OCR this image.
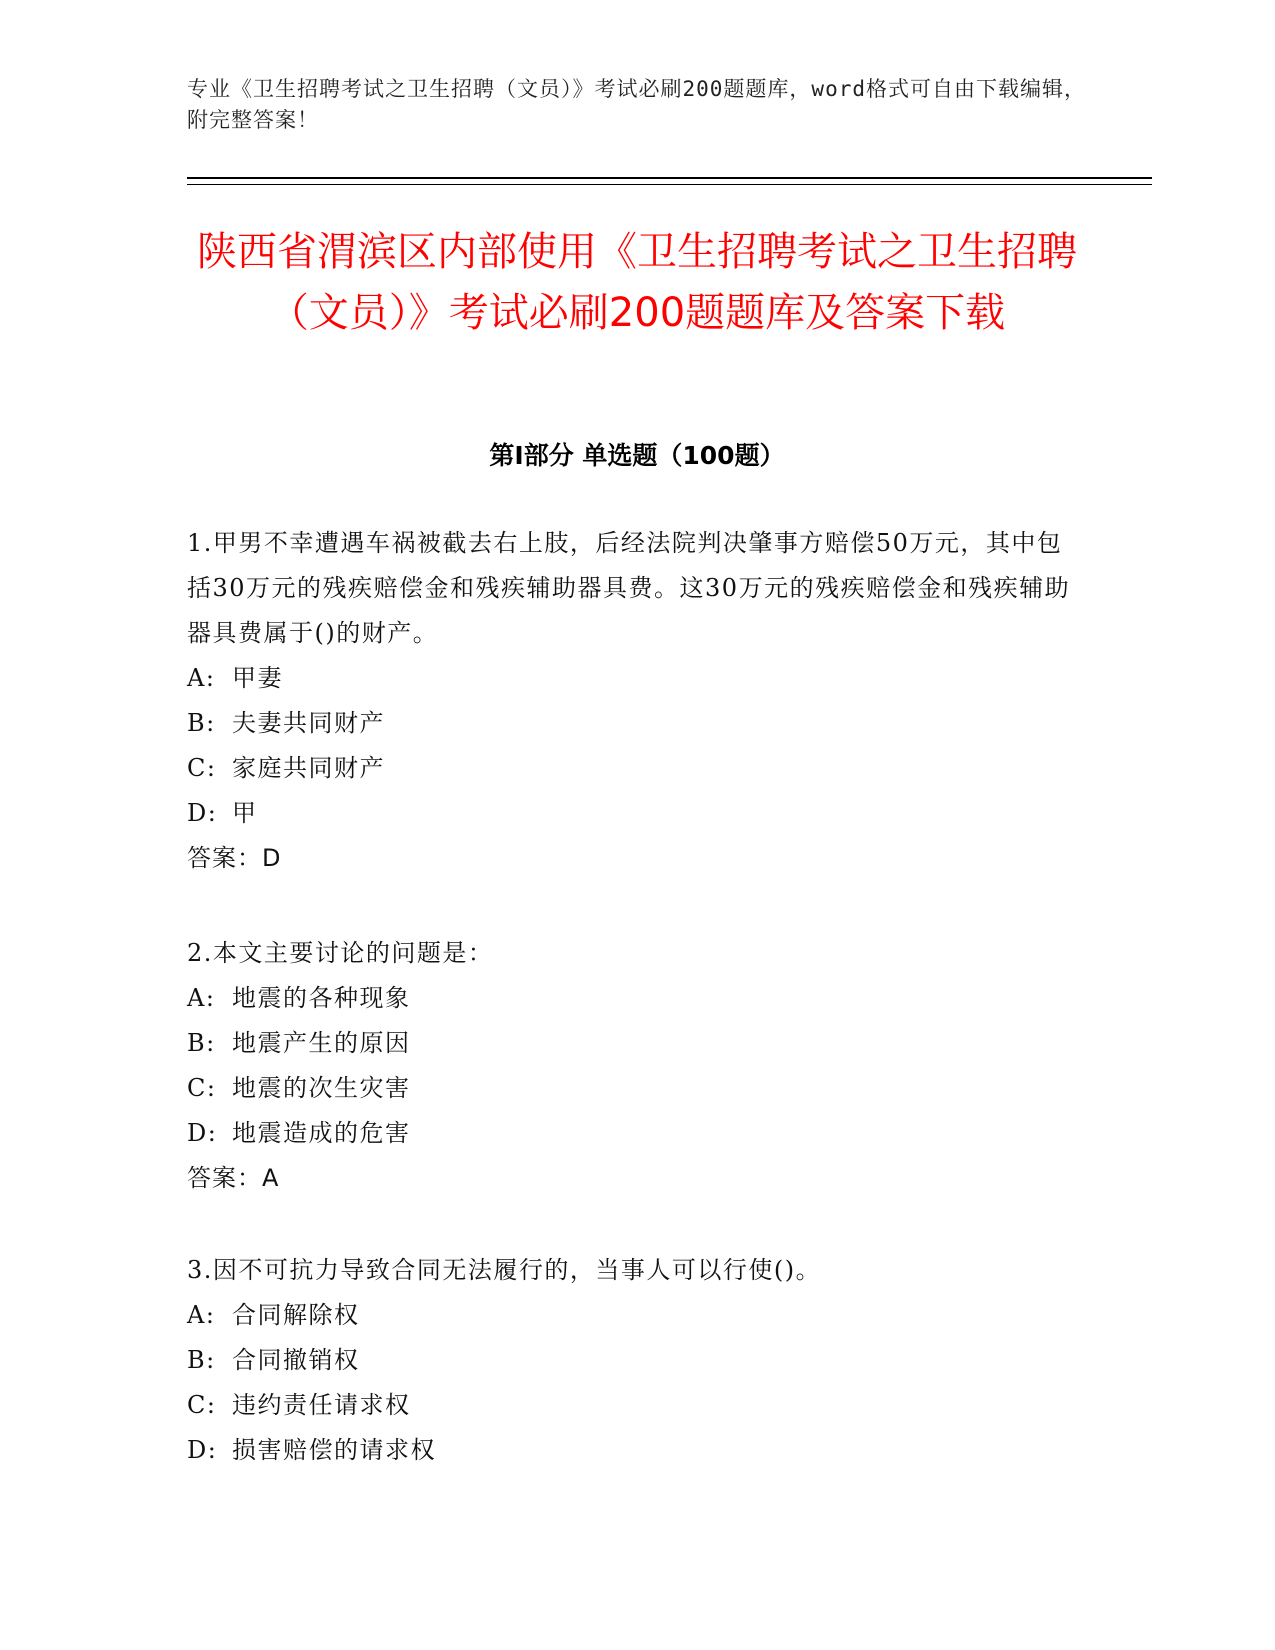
专业《卫生招聘考试之卫生招聘（文员）》考试必刷200题题库，word格式可自由下载编辑，附完整答案！
陕西省渭滨区内部使用《卫生招聘考试之卫生招聘（文员）》考试必刷200题题库及答案下载
第Ⅰ部分 单选题（100题）
1.甲男不幸遭遇车祸被截去右上肢，后经法院判决肇事方赔偿50万元，其中包括30万元的残疾赔偿金和残疾辅助器具费。这30万元的残疾赔偿金和残疾辅助器具费属于()的财产。
A: 甲妻
B: 夫妻共同财产
C: 家庭共同财产
D: 甲
答案：D
2.本文主要讨论的问题是：
A: 地震的各种现象
B: 地震产生的原因
C: 地震的次生灾害
D: 地震造成的危害
答案：A
3.因不可抗力导致合同无法履行的，当事人可以行使()。
A: 合同解除权
B: 合同撤销权
C: 违约责任请求权
D: 损害赔偿的请求权
